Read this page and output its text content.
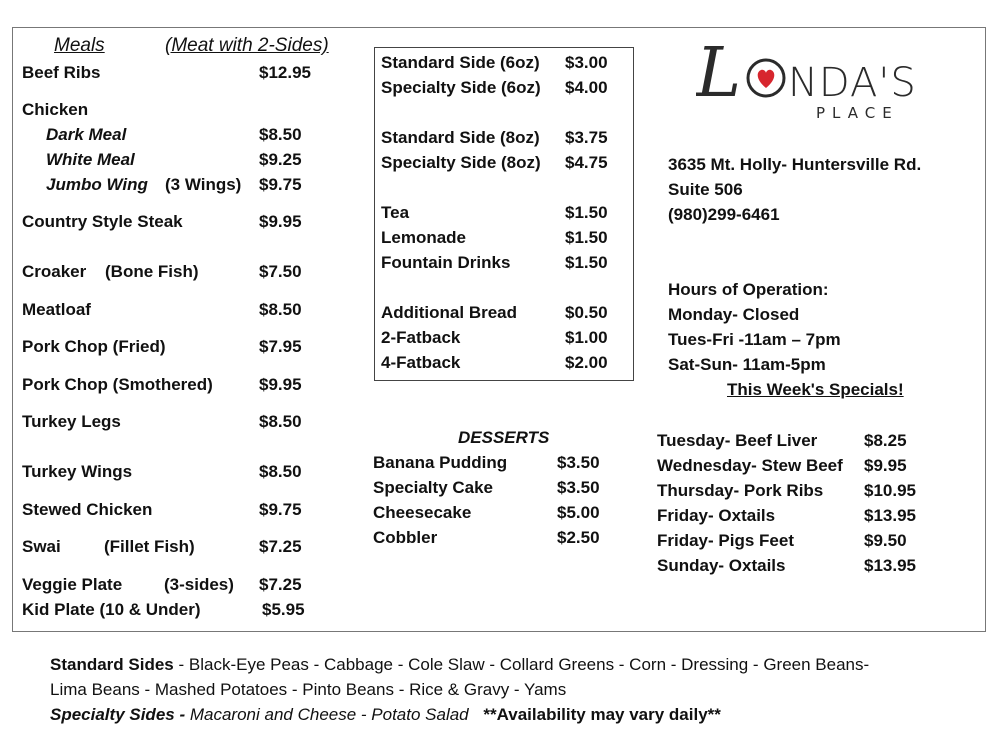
Meals	(Meat with 2-Sides)
Beef Ribs	$12.95
Chicken
Dark Meal	$8.50
White Meal	$9.25
Jumbo Wing (3 Wings) $9.75
Country Style Steak	$9.95
Croaker (Bone Fish)	$7.50
Meatloaf	$8.50
Pork Chop (Fried)	$7.95
Pork Chop (Smothered)	$9.95
Turkey Legs	$8.50
Turkey Wings	$8.50
Stewed Chicken	$9.75
Swai	(Fillet Fish)	$7.25
Veggie Plate (3-sides) $7.25
Kid Plate (10 & Under)	$5.95
Standard Side (6oz) $3.00
Specialty Side (6oz) $4.00
Standard Side (8oz) $3.75
Specialty Side (8oz) $4.75
Tea	$1.50
Lemonade	$1.50
Fountain Drinks	$1.50
Additional Bread	$0.50
2-Fatback	$1.00
4-Fatback	$2.00
DESSERTS
Banana Pudding	$3.50
Specialty Cake	$3.50
Cheesecake	$5.00
Cobbler	$2.50
L NDA'S
PLACE
3635 Mt. Holly- Huntersville Rd.
Suite 506
(980)299-6461
Hours of Operation:
Monday- Closed
Tues-Fri -11am – 7pm
Sat-Sun- 11am-5pm
This Week's Specials!
Tuesday- Beef Liver	$8.25
Wednesday- Stew Beef $9.95
Thursday- Pork Ribs $10.95
Friday- Oxtails	$13.95
Friday- Pigs Feet	$9.50
Sunday- Oxtails	$13.95
Standard Sides - Black-Eye Peas - Cabbage - Cole Slaw - Collard Greens - Corn - Dressing - Green Beans-
Lima Beans - Mashed Potatoes - Pinto Beans - Rice & Gravy - Yams
Specialty Sides - Macaroni and Cheese - Potato Salad **Availability may vary daily**
